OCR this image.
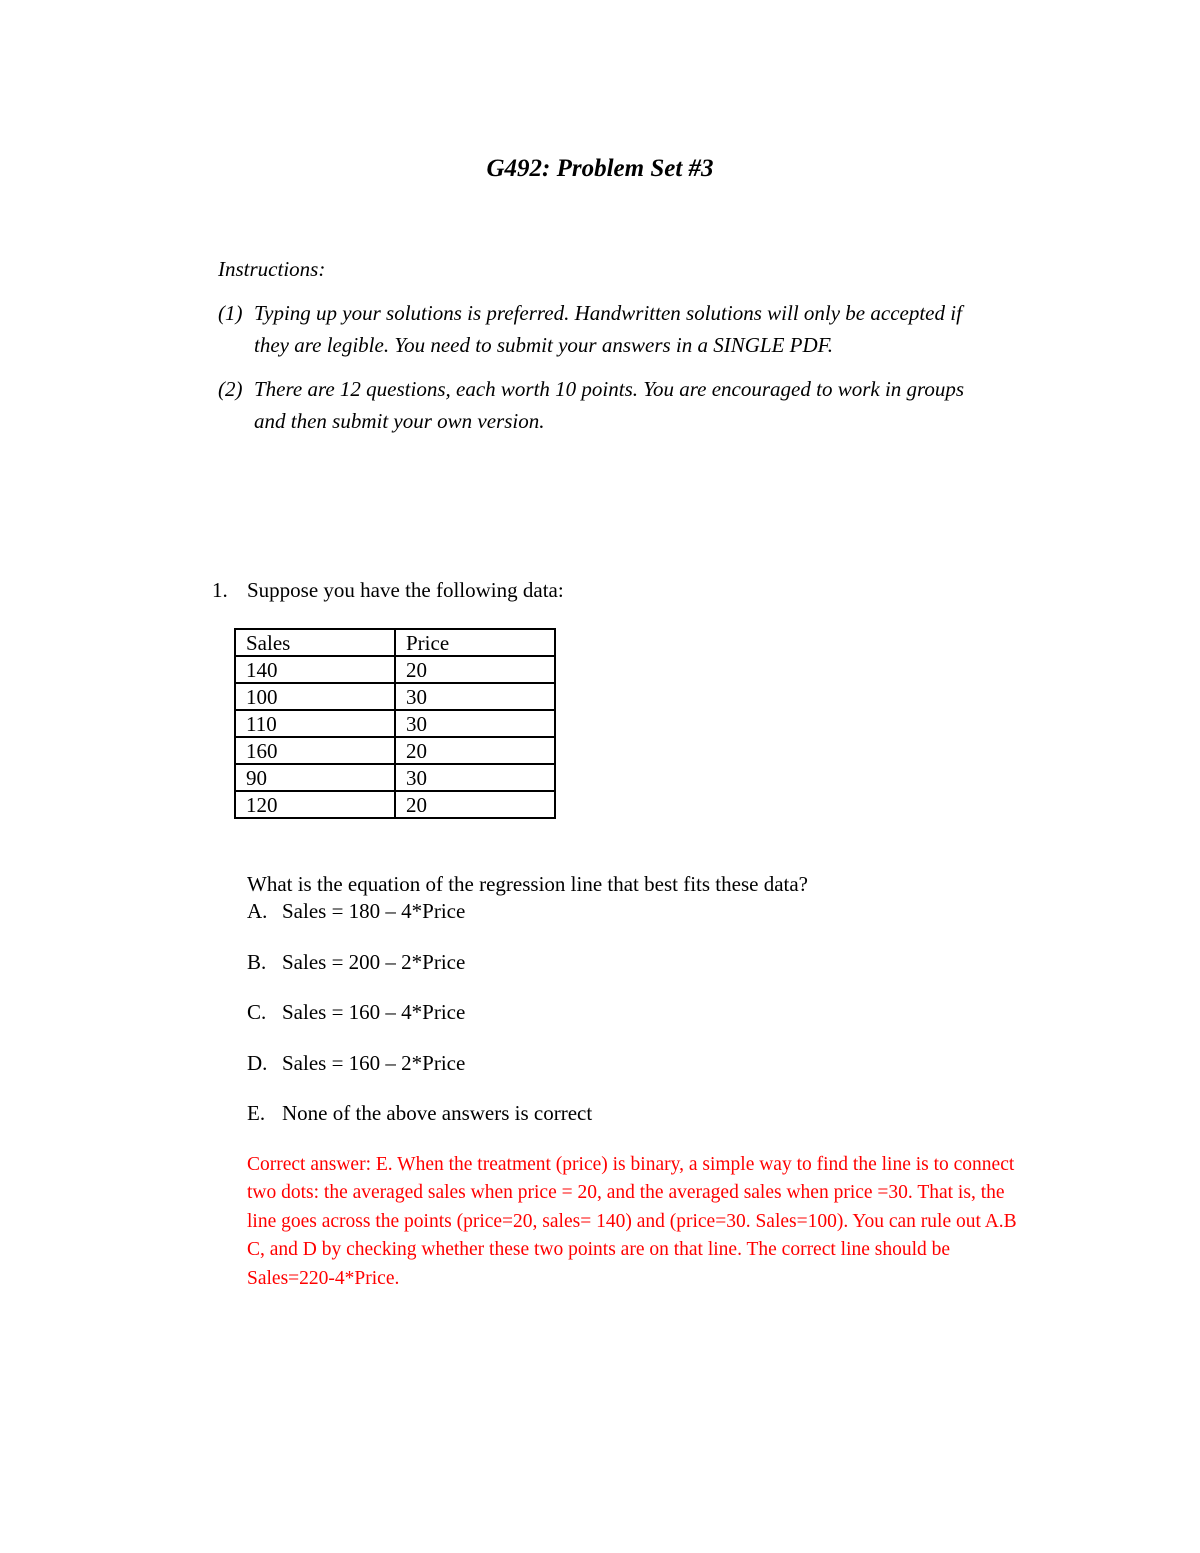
G492: Problem Set #3
Instructions:
(1) Typing up your solutions is preferred. Handwritten solutions will only be accepted if they are legible. You need to submit your answers in a SINGLE PDF.
(2) There are 12 questions, each worth 10 points. You are encouraged to work in groups and then submit your own version.
1. Suppose you have the following data:
Sales	Price
140	20
100	30
110	30
160	20
90	30
120	20
What is the equation of the regression line that best fits these data?
A. Sales = 180 – 4*Price
B. Sales = 200 – 2*Price
C. Sales = 160 – 4*Price
D. Sales = 160 – 2*Price
E. None of the above answers is correct
Correct answer: E. When the treatment (price) is binary, a simple way to find the line is to connect two dots: the averaged sales when price = 20, and the averaged sales when price =30. That is, the line goes across the points (price=20, sales= 140) and (price=30. Sales=100). You can rule out A.B C, and D by checking whether these two points are on that line. The correct line should be Sales=220-4*Price.
